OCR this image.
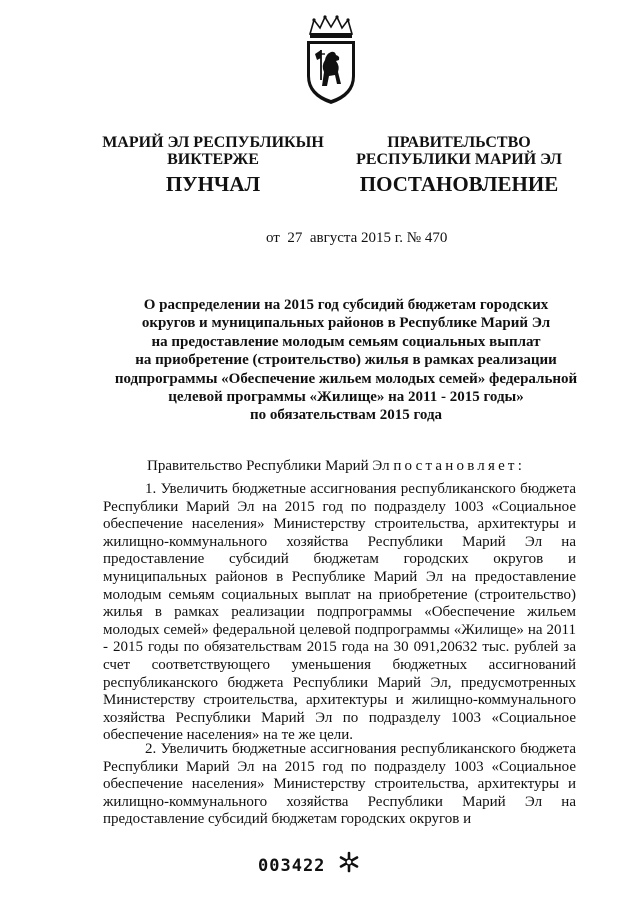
МАРИЙ ЭЛ РЕСПУБЛИКЫН
ВИКТЕРЖЕ
ПРАВИТЕЛЬСТВО
РЕСПУБЛИКИ МАРИЙ ЭЛ
ПУНЧАЛ	ПОСТАНОВЛЕНИЕ
от 27 августа 2015 г. № 470
О распределении на 2015 год субсидий бюджетам городских
округов и муниципальных районов в Республике Марий Эл
на предоставление молодым семьям социальных выплат
на приобретение (строительство) жилья в рамках реализации
подпрограммы «Обеспечение жильем молодых семей» федеральной
целевой программы «Жилище» на 2011 - 2015 годы»
по обязательствам 2015 года
Правительство Республики Марий Эл постановляет:

1. Увеличить бюджетные ассигнования республиканского бюджета Республики Марий Эл на 2015 год по подразделу 1003 «Социальное обеспечение населения» Министерству строительства, архитектуры и жилищно-коммунального хозяйства Республики Марий Эл на предоставление субсидий бюджетам городских округов и муниципальных районов в Республике Марий Эл на предоставление молодым семьям социальных выплат на приобретение (строительство) жилья в рамках реализации подпрограммы «Обеспечение жильем молодых семей» федеральной целевой подпрограммы «Жилище» на 2011 - 2015 годы по обязательствам 2015 года на 30 091,20632 тыс. рублей за счет соответствующего уменьшения бюджетных ассигнований республиканского бюджета Республики Марий Эл, предусмотренных Министерству строительства, архитектуры и жилищно-коммунального хозяйства Республики Марий Эл по подразделу 1003 «Социальное обеспечение населения» на те же цели.

2. Увеличить бюджетные ассигнования республиканского бюджета Республики Марий Эл на 2015 год по подразделу 1003 «Социальное обеспечение населения» Министерству строительства, архитектуры и жилищно-коммунального хозяйства Республики Марий Эл на предоставление субсидий бюджетам городских округов и

003422
